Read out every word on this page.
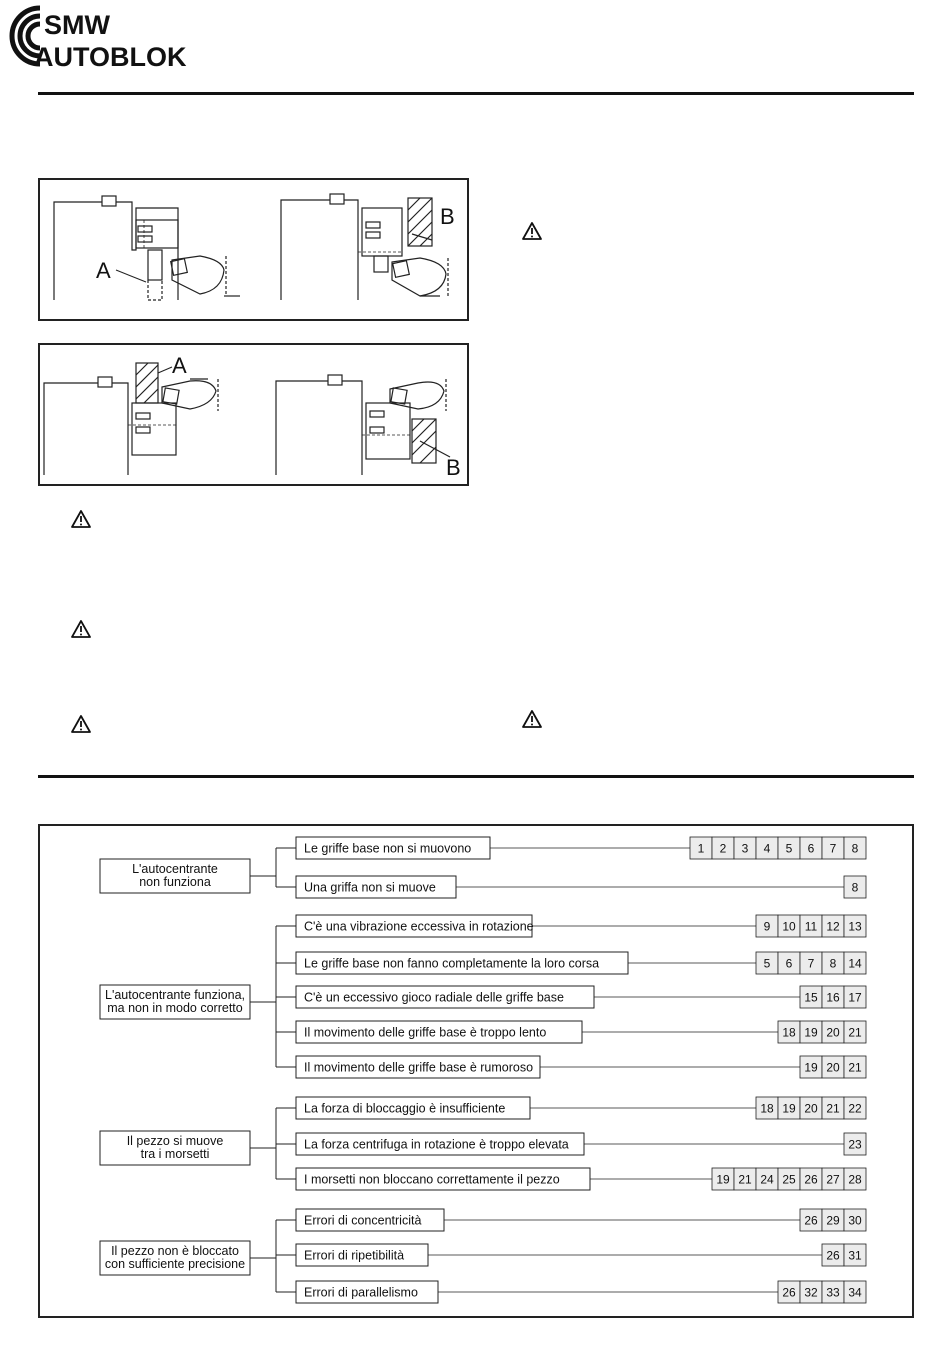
SMW
AUTOBLOK
A
B
A
B
L'autocentrante
non funziona
Le griffe base non si muovono	1 2 3 4 5 6 7 8
Una griffa non si muove	8
L'autocentrante funziona,
ma non in modo corretto
C'è una vibrazione eccessiva in rotazione	9 10 11 12 13
Le griffe base non fanno completamente la loro corsa	5 6 7 8 14
C'è un eccessivo gioco radiale delle griffe base	15 16 17
Il movimento delle griffe base è troppo lento	18 19 20 21
Il movimento delle griffe base è rumoroso	19 20 21
Il pezzo si muove
tra i morsetti
La forza di bloccaggio è insufficiente	18 19 20 21 22
La forza centrifuga in rotazione è troppo elevata	23
I morsetti non bloccano correttamente il pezzo	19 21 24 25 26 27 28
Il pezzo non è bloccato
con sufficiente precisione
Errori di concentricità	26 29 30
Errori di ripetibilità	26 31
Errori di parallelismo	26 32 33 34
